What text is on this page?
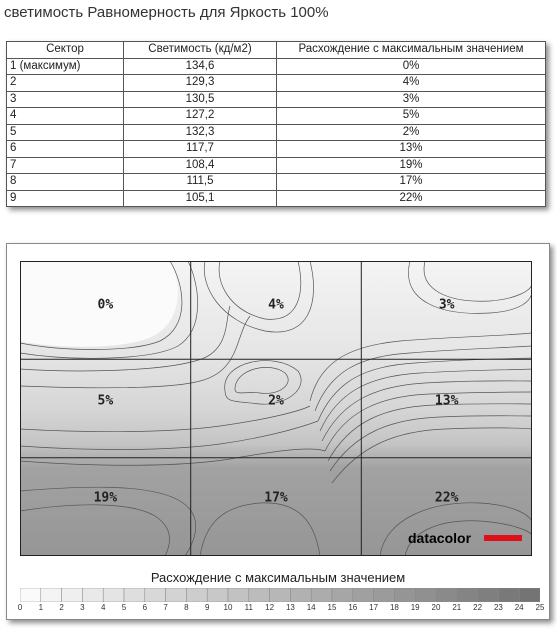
светимость Равномерность для Яркость 100%
Сектор	Светимость (кд/м2)	Расхождение с максимальным значением
1 (максимум)	134,6	0%
2	129,3	4%
3	130,5	3%
4	127,2	5%
5	132,3	2%
6	117,7	13%
7	108,4	19%
8	111,5	17%
9	105,1	22%
0%	4%	3%
5%	2%	13%
19%	17%	22%
datacolor
Расхождение с максимальным значением
0 1 2 3 4 5 6 7 8 9 10 11 12 13 14 15 16 17 18 19 20 21 22 23 24 25
